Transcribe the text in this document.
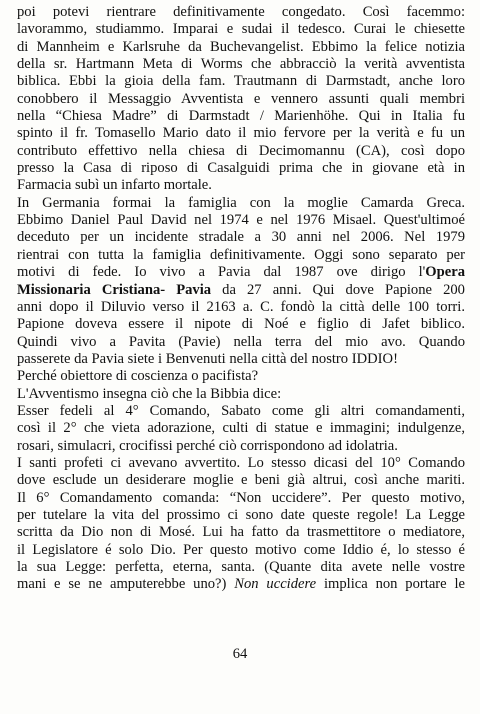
poi potevi rientrare definitivamente congedato. Così facemmo:
lavorammo, studiammo. Imparai e sudai il tedesco. Curai le chiesette
di Mannheim e Karlsruhe da Buchevangelist. Ebbimo la felice notizia
della sr. Hartmann Meta di Worms che abbracciò la verità avventista
biblica. Ebbi la gioia della fam. Trautmann di Darmstadt, anche loro
conobbero il Messaggio Avventista e vennero assunti quali membri
nella “Chiesa Madre” di Darmstadt / Marienhöhe. Qui in Italia fu
spinto il fr. Tomasello Mario dato il mio fervore per la verità e fu un
contributo effettivo nella chiesa di Decimomannu (CA), così dopo
presso la Casa di riposo di Casalguidi prima che in giovane età in
Farmacia subì un infarto mortale.
In Germania formai la famiglia con la moglie Camarda Greca.
Ebbimo Daniel Paul David nel 1974 e nel 1976 Misael. Quest'ultimoé
deceduto per un incidente stradale a 30 anni nel 2006. Nel 1979
rientrai con tutta la famiglia definitivamente. Oggi sono separato per
motivi di fede. Io vivo a Pavia dal 1987 ove dirigo l'Opera
Missionaria Cristiana- Pavia da 27 anni. Qui dove Papione 200
anni dopo il Diluvio verso il 2163 a. C. fondò la città delle 100 torri.
Papione doveva essere il nipote di Noé e figlio di Jafet biblico.
Quindi vivo a Pavita (Pavie) nella terra del mio avo. Quando
passerete da Pavia siete i Benvenuti nella città del nostro IDDIO!
Perché obiettore di coscienza o pacifista?
L'Avventismo insegna ciò che la Bibbia dice:
Esser fedeli al 4° Comando, Sabato come gli altri comandamenti,
così il 2° che vieta adorazione, culti di statue e immagini; indulgenze,
rosari, simulacri, crocifissi perché ciò corrispondono ad idolatria.
I santi profeti ci avevano avvertito. Lo stesso dicasi del 10° Comando
dove esclude un desiderare moglie e beni già altrui, così anche mariti.
Il 6° Comandamento comanda: “Non uccidere”. Per questo motivo,
per tutelare la vita del prossimo ci sono date queste regole! La Legge
scritta da Dio non di Mosé. Lui ha fatto da trasmettitore o mediatore,
il Legislatore é solo Dio. Per questo motivo come Iddio é, lo stesso é
la sua Legge: perfetta, eterna, santa. (Quante dita avete nelle vostre
mani e se ne amputerebbe uno?) Non uccidere implica non portare le
64
